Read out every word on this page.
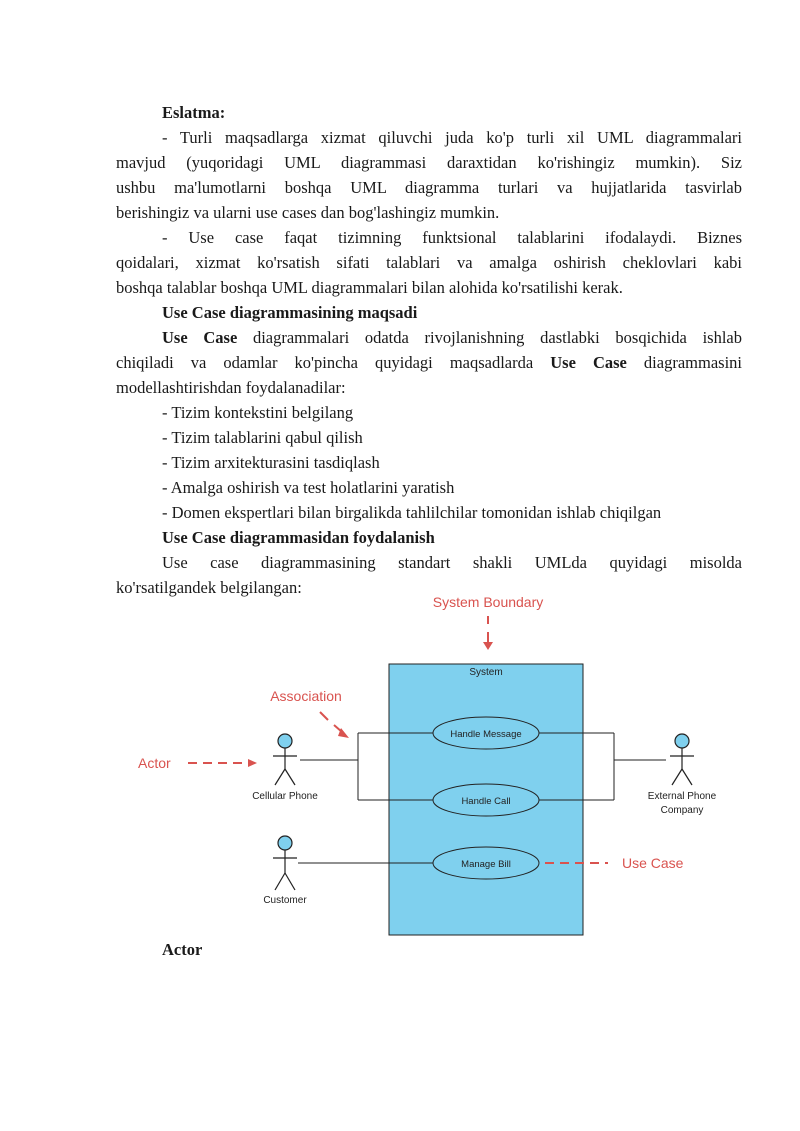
Eslatma:
- Turli maqsadlarga xizmat qiluvchi juda ko'p turli xil UML diagrammalari
mavjud (yuqoridagi UML diagrammasi daraxtidan ko'rishingiz mumkin). Siz
ushbu ma'lumotlarni boshqa UML diagramma turlari va hujjatlarida tasvirlab
berishingiz va ularni use cases dan bog'lashingiz mumkin.
- Use case faqat tizimning funktsional talablarini ifodalaydi. Biznes
qoidalari, xizmat ko'rsatish sifati talablari va amalga oshirish cheklovlari kabi
boshqa talablar boshqa UML diagrammalari bilan alohida ko'rsatilishi kerak.
Use Case diagrammasining maqsadi
Use Case diagrammalari odatda rivojlanishning dastlabki bosqichida ishlab
chiqiladi va odamlar ko'pincha quyidagi maqsadlarda Use Case diagrammasini
modellashtirishdan foydalanadilar:
- Tizim kontekstini belgilang
- Tizim talablarini qabul qilish
- Tizim arxitekturasini tasdiqlash
- Amalga oshirish va test holatlarini yaratish
- Domen ekspertlari bilan birgalikda tahlilchilar tomonidan ishlab chiqilgan
Use Case diagrammasidan foydalanish
Use case diagrammasining standart shakli UMLda quyidagi misolda
ko'rsatilgandek belgilangan:
System
System Boundary
Association
Actor
Use Case
Cellular Phone
Customer
External Phone
Company
Handle Message
Handle Call
Manage Bill
Actor
